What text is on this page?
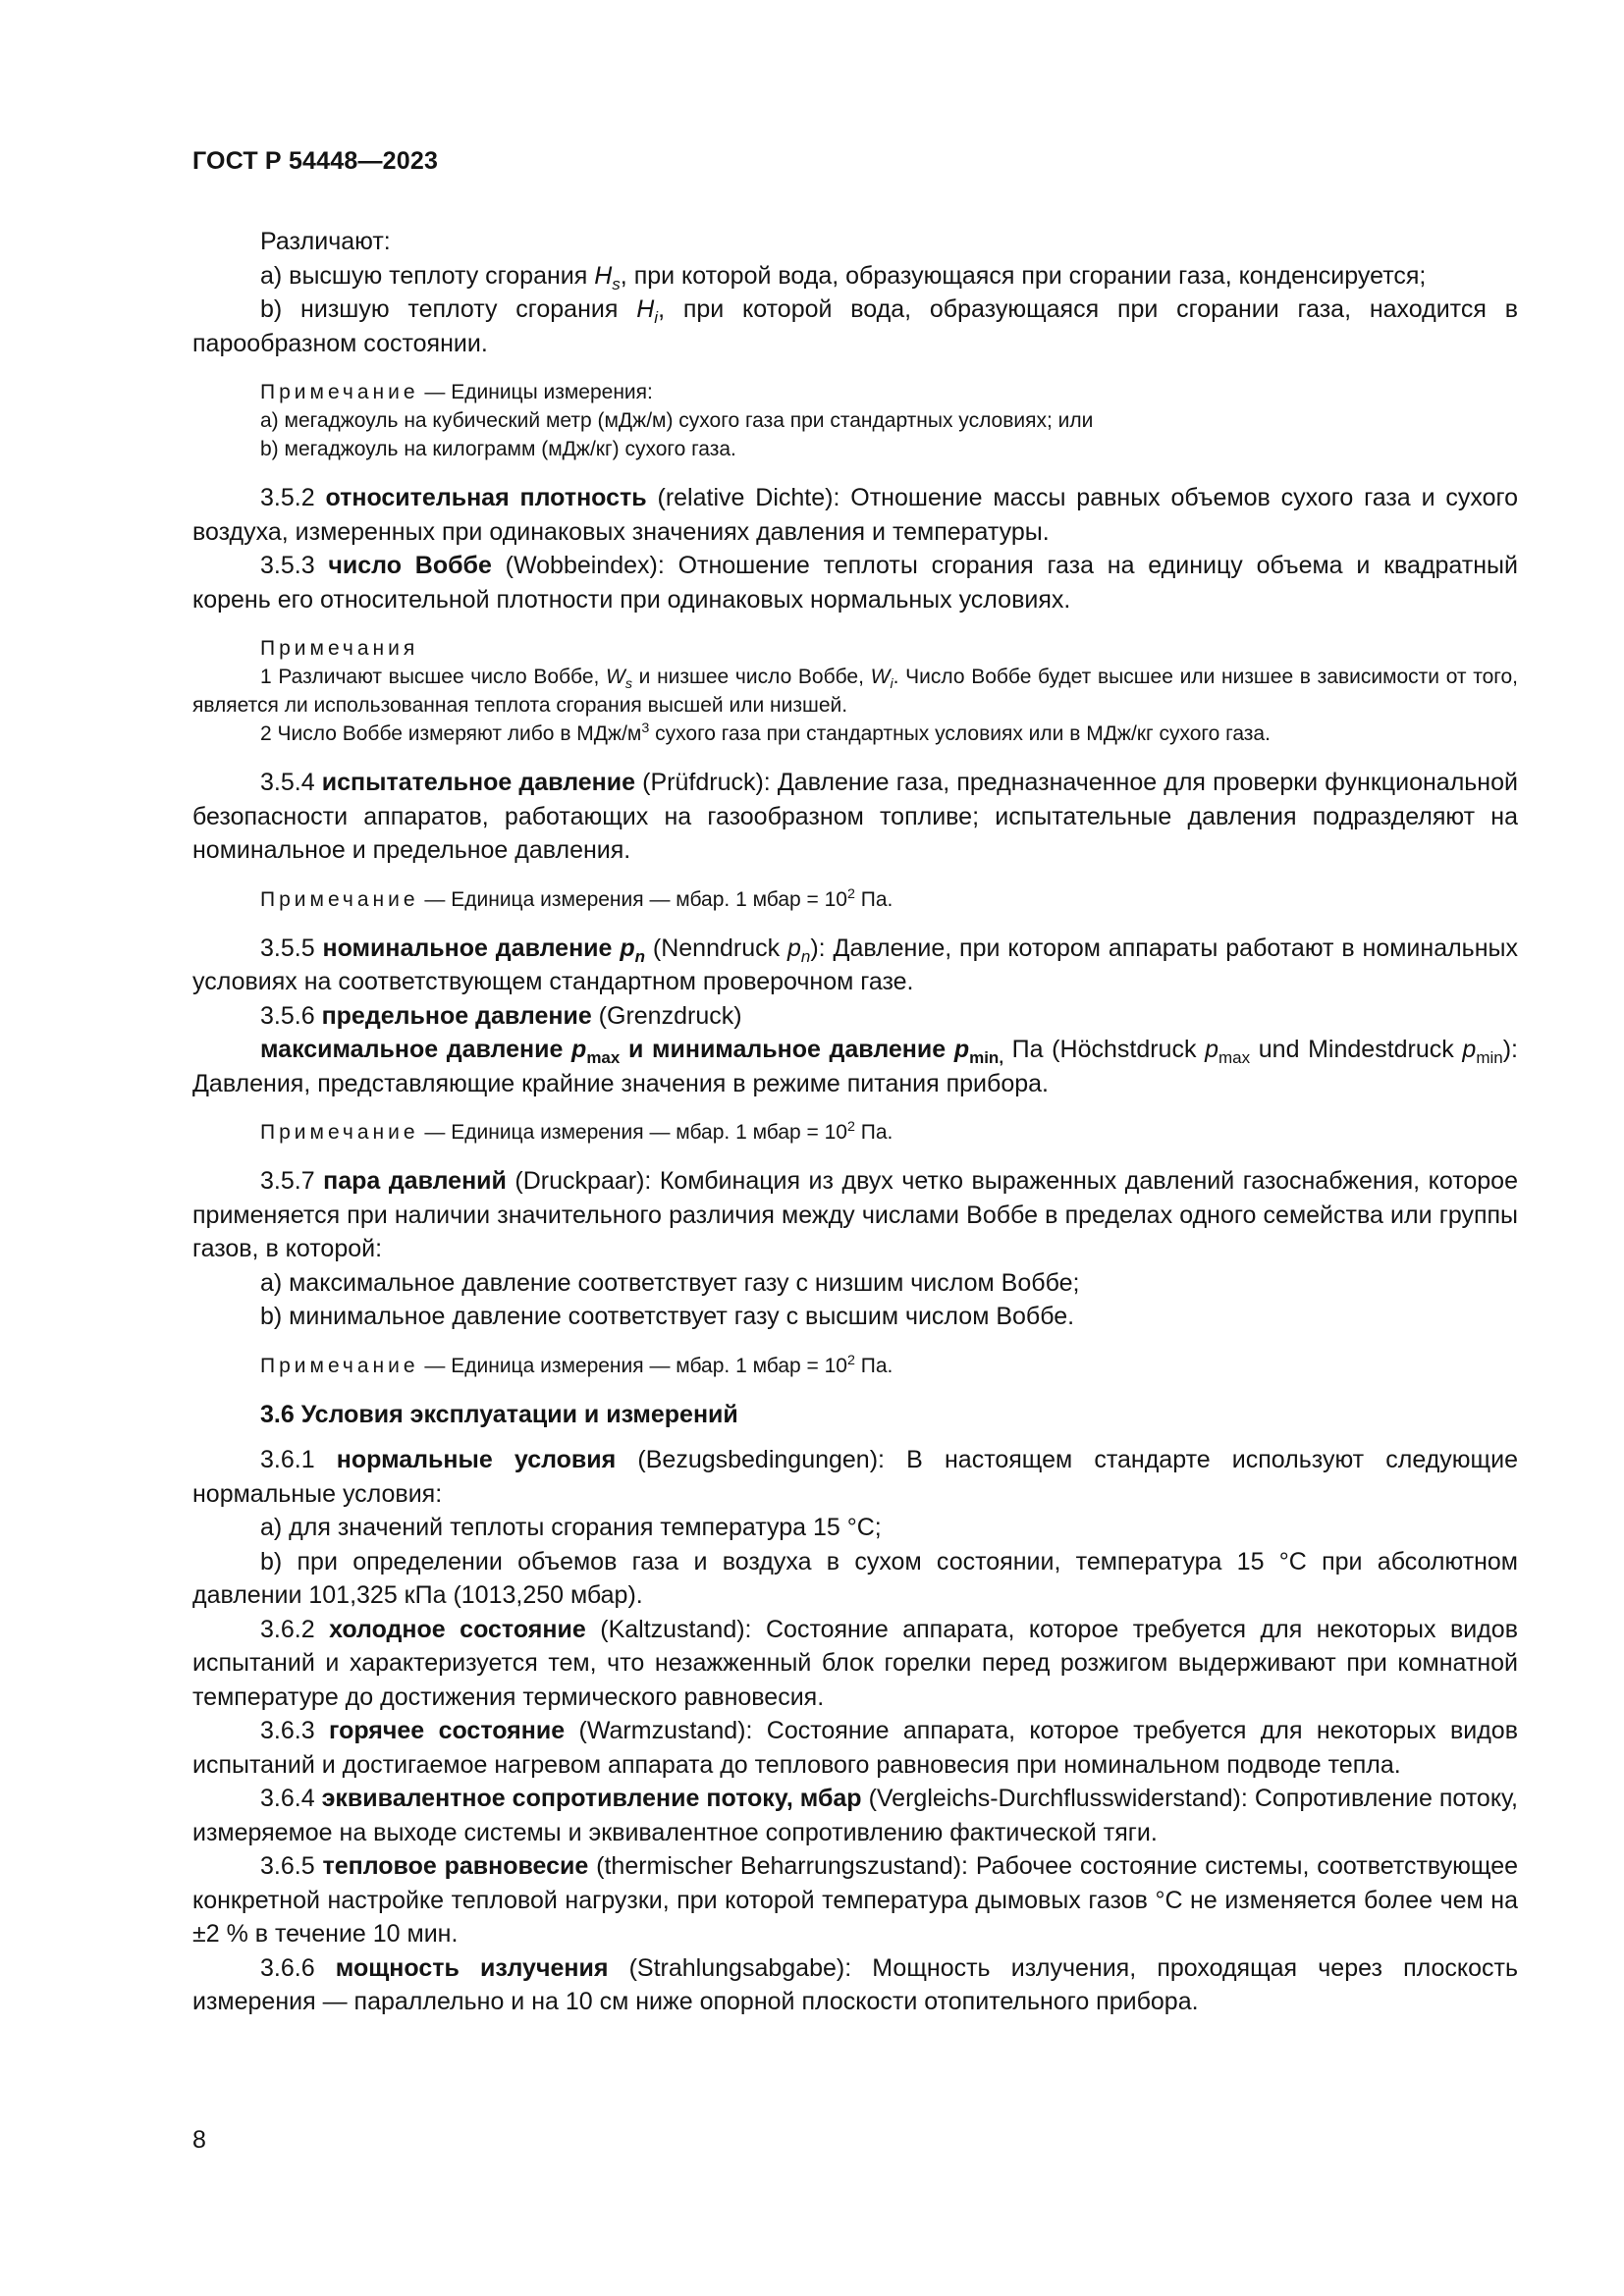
ГОСТ Р 54448—2023

Различают:

a) высшую теплоту сгорания $H_s$, при которой вода, образующаяся при сгорании газа, конденсируется;

b) низшую теплоту сгорания $H_i$, при которой вода, образующаяся при сгорании газа, находится в парообразном состоянии.

Примечание — Единицы измерения:

a) мегаджоуль на кубический метр (мДж/м) сухого газа при стандартных условиях; или

b) мегаджоуль на килограмм (мДж/кг) сухого газа.

3.5.2 относительная плотность (relative Dichte): Отношение массы равных объемов сухого газа и сухого воздуха, измеренных при одинаковых значениях давления и температуры.

3.5.3 число Воббе (Wobbeindex): Отношение теплоты сгорания газа на единицу объема и квадратный корень его относительной плотности при одинаковых нормальных условиях.

Примечания

1 Различают высшее число Воббе, $W_s$ и низшее число Воббе, $W_i$. Число Воббе будет высшее или низшее в зависимости от того, является ли использованная теплота сгорания высшей или низшей.

2 Число Воббе измеряют либо в МДж/$м^3$ сухого газа при стандартных условиях или в МДж/кг сухого газа.

3.5.4 испытательное давление (Prüfdruck): Давление газа, предназначенное для проверки функциональной безопасности аппаратов, работающих на газообразном топливе; испытательные давления подразделяют на номинальное и предельное давления.

Примечание — Единица измерения — мбар. 1 мбар = $10^2$ Па.

3.5.5 номинальное давление $p_n$ (Nenndruck $p_n$): Давление, при котором аппараты работают в номинальных условиях на соответствующем стандартном проверочном газе.

3.5.6 предельное давление (Grenzdruck)

максимальное давление $p_{max}$ и минимальное давление $p_{min,}$ Па (Höchstdruck $p_{max}$ und Mindestdruck $p_{min}$): Давления, представляющие крайние значения в режиме питания прибора.

Примечание — Единица измерения — мбар. 1 мбар = $10^2$ Па.

3.5.7 пара давлений (Druckpaar): Комбинация из двух четко выраженных давлений газоснабжения, которое применяется при наличии значительного различия между числами Воббе в пределах одного семейства или группы газов, в которой:

a) максимальное давление соответствует газу с низшим числом Воббе;

b) минимальное давление соответствует газу с высшим числом Воббе.

Примечание — Единица измерения — мбар. 1 мбар = $10^2$ Па.

3.6 Условия эксплуатации и измерений

3.6.1 нормальные условия (Bezugsbedingungen): В настоящем стандарте используют следующие нормальные условия:

a) для значений теплоты сгорания температура 15 °C;

b) при определении объемов газа и воздуха в сухом состоянии, температура 15 °C при абсолютном давлении 101,325 кПа (1013,250 мбар).

3.6.2 холодное состояние (Kaltzustand): Состояние аппарата, которое требуется для некоторых видов испытаний и характеризуется тем, что незажженный блок горелки перед розжигом выдерживают при комнатной температуре до достижения термического равновесия.

3.6.3 горячее состояние (Warmzustand): Состояние аппарата, которое требуется для некоторых видов испытаний и достигаемое нагревом аппарата до теплового равновесия при номинальном подводе тепла.

3.6.4 эквивалентное сопротивление потоку, мбар (Vergleichs-Durchflusswiderstand): Сопротивление потоку, измеряемое на выходе системы и эквивалентное сопротивлению фактической тяги.

3.6.5 тепловое равновесие (thermischer Beharrungszustand): Рабочее состояние системы, соответствующее конкретной настройке тепловой нагрузки, при которой температура дымовых газов °C не изменяется более чем на ±2 % в течение 10 мин.

3.6.6 мощность излучения (Strahlungsabgabe): Мощность излучения, проходящая через плоскость измерения — параллельно и на 10 см ниже опорной плоскости отопительного прибора.

8
